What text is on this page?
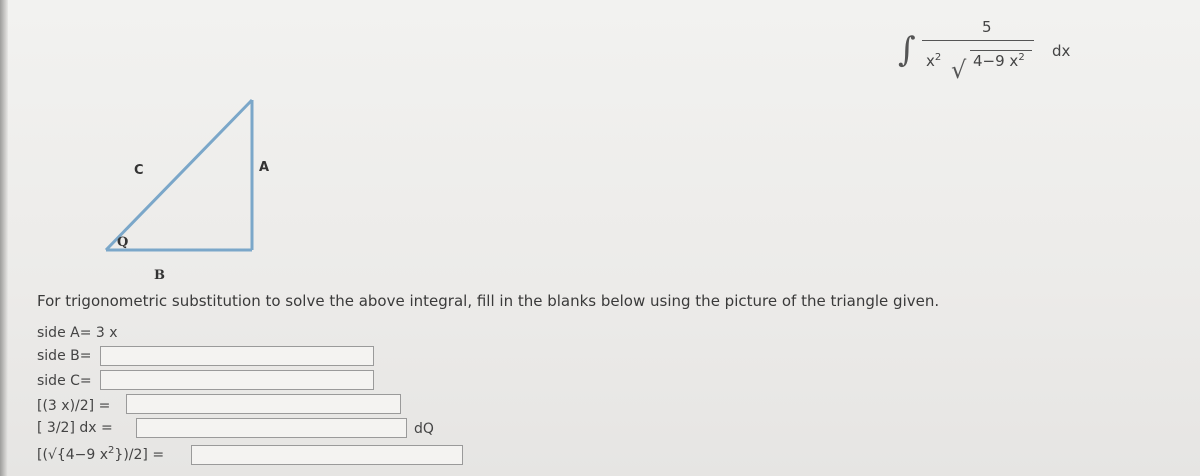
∫
5
$x^2$ √ 4−9 $x^2$ dx
C	A
Q
B
For trigonometric substitution to solve the above integral, fill in the blanks below using the picture of the triangle given.
side A= 3 x
side B=
side C=
[(3 x)/2] =
[ 3/2] dx =	dQ
[(√{4−9 $x^2\})/2$] =
